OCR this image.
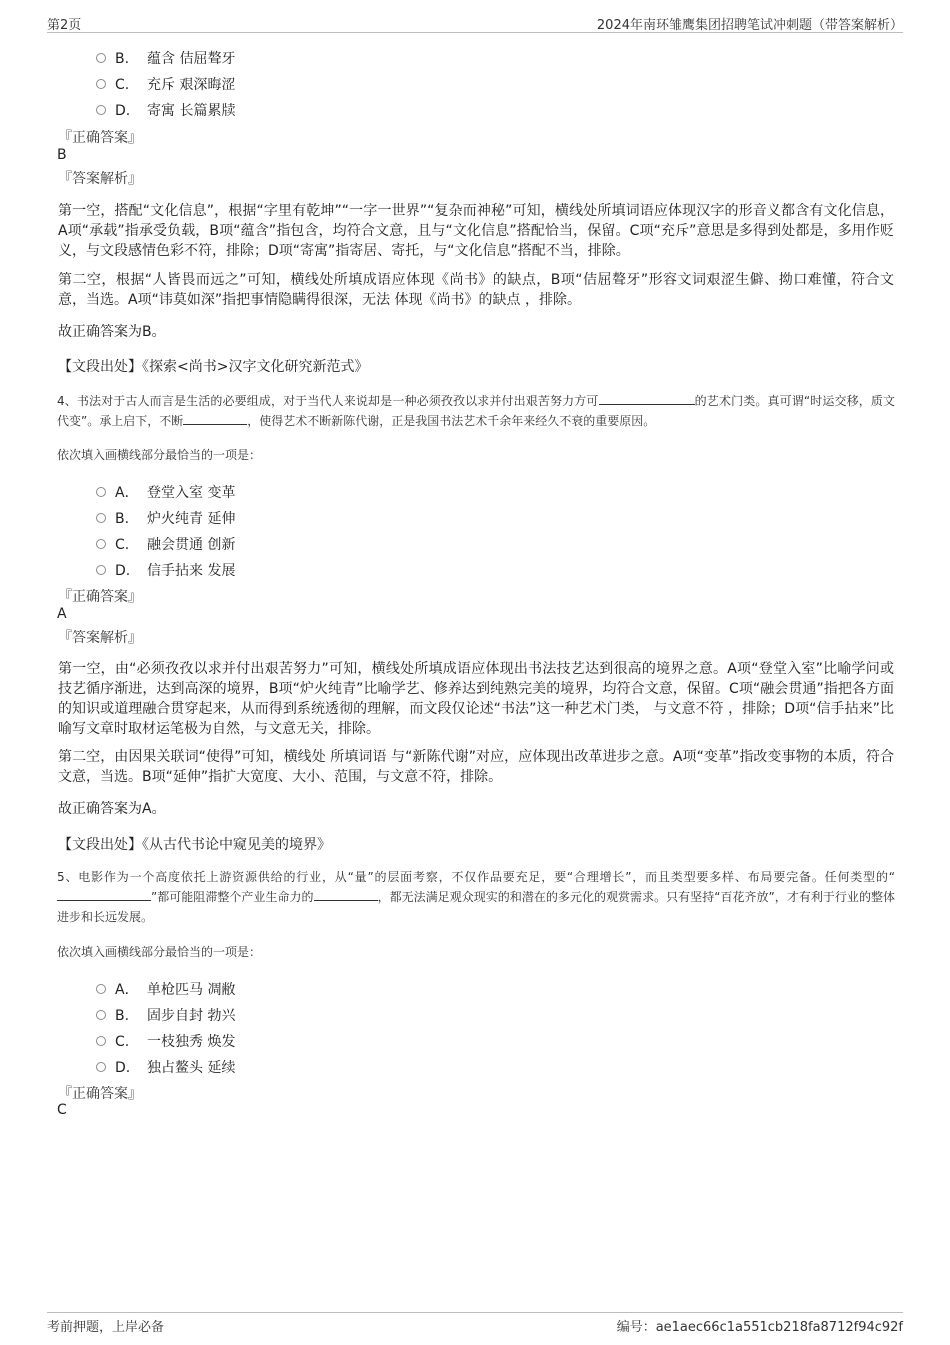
第2页	2024年南环雏鹰集团招聘笔试冲刺题（带答案解析）
B. 蕴含 佶屈聱牙
C. 充斥 艰深晦涩
D. 寄寓 长篇累牍
『正确答案』
B
『答案解析』
第一空，搭配“文化信息”，根据“字里有乾坤”“一字一世界”“复杂而神秘”可知，横线处所填词语应体现汉字的形音义都含有文化信息，A项“承载”指承受负载，B项“蕴含”指包含，均符合文意，且与“文化信息”搭配恰当，保留。C项“充斥”意思是多得到处都是，多用作贬义，与文段感情色彩不符，排除；D项“寄寓”指寄居、寄托，与“文化信息”搭配不当，排除。
第二空，根据“人皆畏而远之”可知，横线处所填成语应体现《尚书》的缺点，B项“佶屈聱牙”形容文词艰涩生僻、拗口难懂，符合文意，当选。A项“讳莫如深”指把事情隐瞒得很深，无法 体现《尚书》的缺点 ，排除。
故正确答案为B。
【文段出处】《探索<尚书>汉字文化研究新范式》
4、书法对于古人而言是生活的必要组成，对于当代人来说却是一种必须孜孜以求并付出艰苦努力方可	的艺术门类。真可谓“时运交移，质文代变”。承上启下，不断	，使得艺术不断新陈代谢，正是我国书法艺术千余年来经久不衰的重要原因。
依次填入画横线部分最恰当的一项是：
A． 登堂入室 变革
B. 炉火纯青 延伸
C. 融会贯通 创新
D. 信手拈来 发展
『正确答案』
A
『答案解析』
第一空，由“必须孜孜以求并付出艰苦努力”可知，横线处所填成语应体现出书法技艺达到很高的境界之意。A项“登堂入室”比喻学问或技艺循序渐进，达到高深的境界，B项“炉火纯青”比喻学艺、修养达到纯熟完美的境界，均符合文意，保留。C项“融会贯通”指把各方面的知识或道理融合贯穿起来，从而得到系统透彻的理解，而文段仅论述“书法”这一种艺术门类， 与文意不符 ，排除；D项“信手拈来”比喻写文章时取材运笔极为自然，与文意无关，排除。
第二空，由因果关联词“使得”可知，横线处 所填词语 与“新陈代谢”对应，应体现出改革进步之意。A项“变革”指改变事物的本质，符合文意，当选。B项“延伸”指扩大宽度、大小、范围，与文意不符，排除。
故正确答案为A。
【文段出处】《从古代书论中窥见美的境界》
5、电影作为一个高度依托上游资源供给的行业，从“量”的层面考察，不仅作品要充足，要“合理增长”，而且类型要多样、布局要完备。任何类型的“”都可能阻滞整个产业生命力的	，都无法满足观众现实的和潜在的多元化的观赏需求。只有坚持“百花齐放”，才有利于行业的整体进步和长远发展。
依次填入画横线部分最恰当的一项是：
A． 单枪匹马 凋敝
B. 固步自封 勃兴
C. 一枝独秀 焕发
D. 独占鳌头 延续
『正确答案』
C
考前押题，上岸必备	编号：ae1aec66c1a551cb218fa8712f94c92f
